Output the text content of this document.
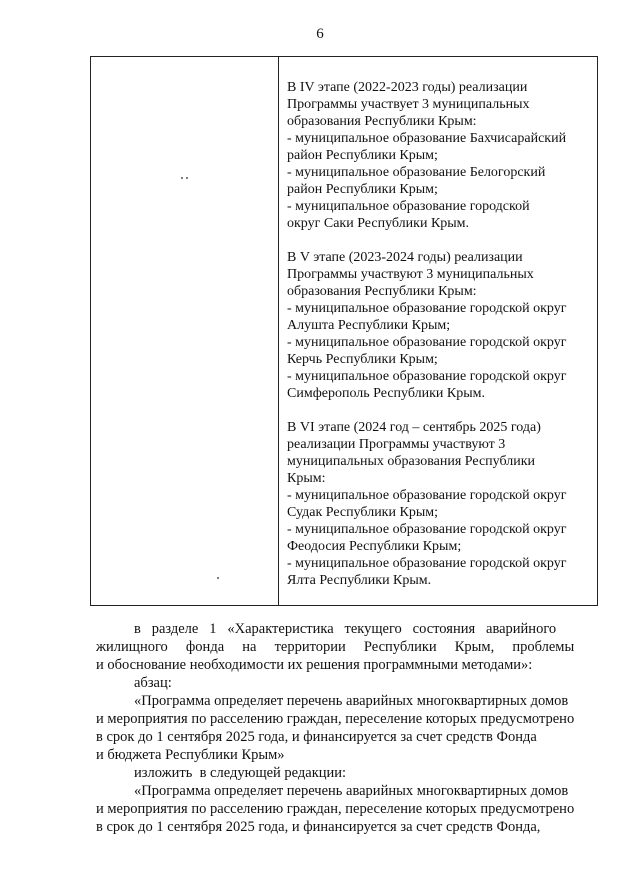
6

В IV этапе (2022-2023 годы) реализации
Программы участвует 3 муниципальных
образования Республики Крым:
- муниципальное образование Бахчисарайский
район Республики Крым;
- муниципальное образование Белогорский
район Республики Крым;
- муниципальное образование городской
округ Саки Республики Крым.

В V этапе (2023-2024 годы) реализации
Программы участвуют 3 муниципальных
образования Республики Крым:
- муниципальное образование городской округ
Алушта Республики Крым;
- муниципальное образование городской округ
Керчь Республики Крым;
- муниципальное образование городской округ
Симферополь Республики Крым.

В VI этапе (2024 год – сентябрь 2025 года)
реализации Программы участвуют 3
муниципальных образования Республики
Крым:
- муниципальное образование городской округ
Судак Республики Крым;
- муниципальное образование городской округ
Феодосия Республики Крым;
- муниципальное образование городской округ
Ялта Республики Крым.

в   разделе   1   «Характеристика   текущего   состояния   аварийного
жилищного     фонда     на     территории     Республики     Крым,     проблемы
и обоснование необходимости их решения программными методами»:

абзац:

«Программа определяет перечень аварийных многоквартирных домов
и мероприятия по расселению граждан, переселение которых предусмотрено
в срок до 1 сентября 2025 года, и финансируется за счет средств Фонда
и бюджета Республики Крым»

изложить  в следующей редакции:

«Программа определяет перечень аварийных многоквартирных домов
и мероприятия по расселению граждан, переселение которых предусмотрено
в срок до 1 сентября 2025 года, и финансируется за счет средств Фонда,
